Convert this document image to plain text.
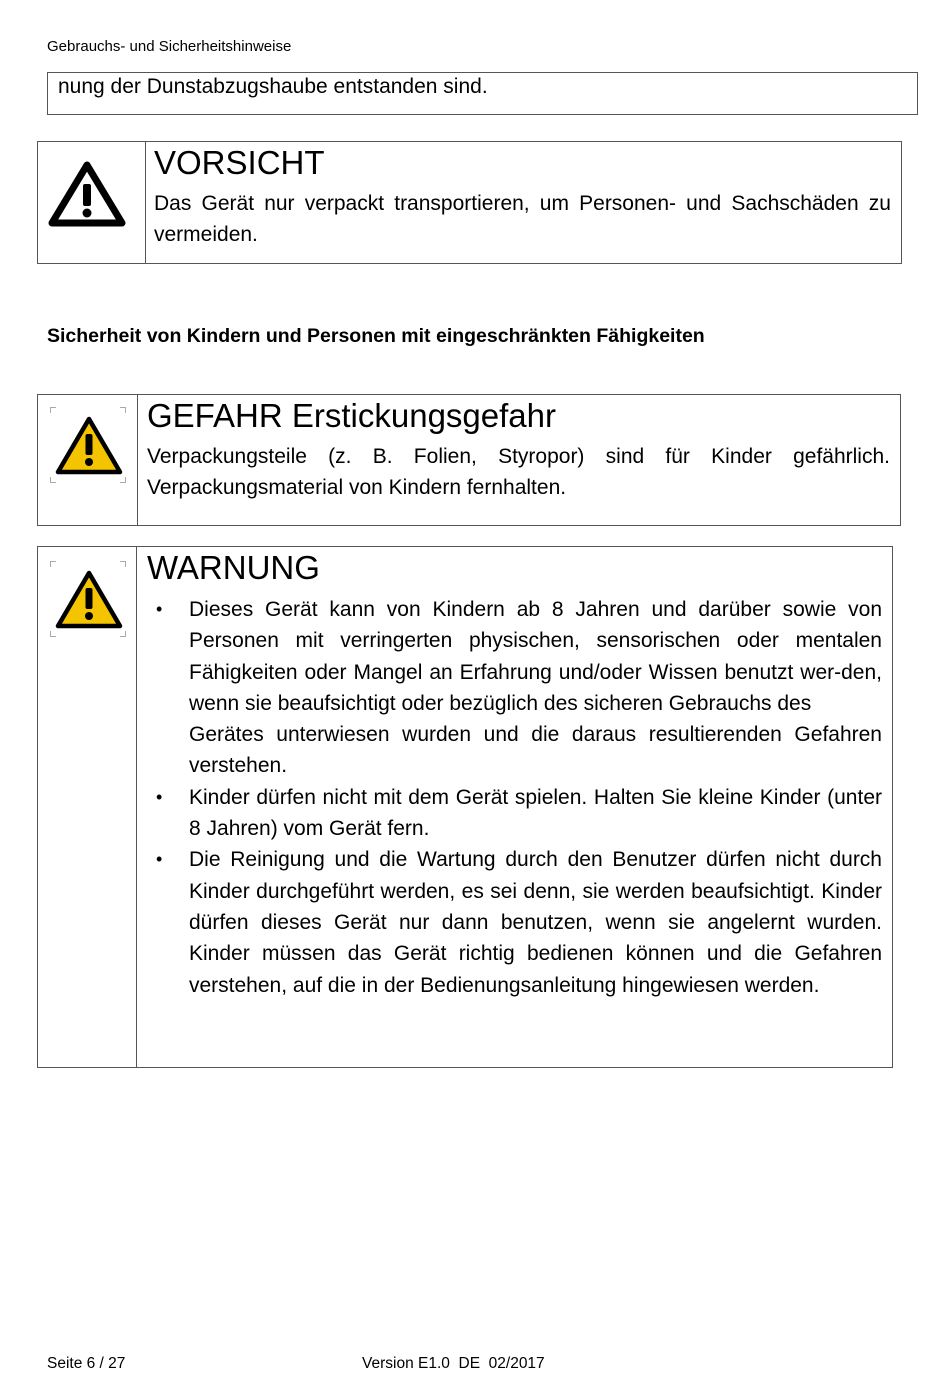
Gebrauchs- und Sicherheitshinweise
nung der Dunstabzugshaube entstanden sind.
VORSICHT
Das Gerät nur verpackt transportieren, um Personen- und Sachschäden zu vermeiden.
Sicherheit von Kindern und Personen mit eingeschränkten Fähigkeiten
GEFAHR Erstickungsgefahr
Verpackungsteile (z. B. Folien, Styropor) sind für Kinder gefährlich. Verpackungsmaterial von Kindern fernhalten.
WARNUNG
• Dieses Gerät kann von Kindern ab 8 Jahren und darüber sowie von Personen mit verringerten physischen, sensorischen oder mentalen Fähigkeiten oder Mangel an Erfahrung und/oder Wissen benutzt wer-den, wenn sie beaufsichtigt oder bezüglich des sicheren Gebrauchs des
Gerätes unterwiesen wurden und die daraus resultierenden Gefahren verstehen.
• Kinder dürfen nicht mit dem Gerät spielen. Halten Sie kleine Kinder (unter 8 Jahren) vom Gerät fern.
• Die Reinigung und die Wartung durch den Benutzer dürfen nicht durch Kinder durchgeführt werden, es sei denn, sie werden beaufsichtigt. Kinder dürfen dieses Gerät nur dann benutzen, wenn sie angelernt wurden. Kinder müssen das Gerät richtig bedienen können und die Gefahren verstehen, auf die in der Bedienungsanleitung hingewiesen werden.
Seite 6 / 27	Version E1.0  DE  02/2017
